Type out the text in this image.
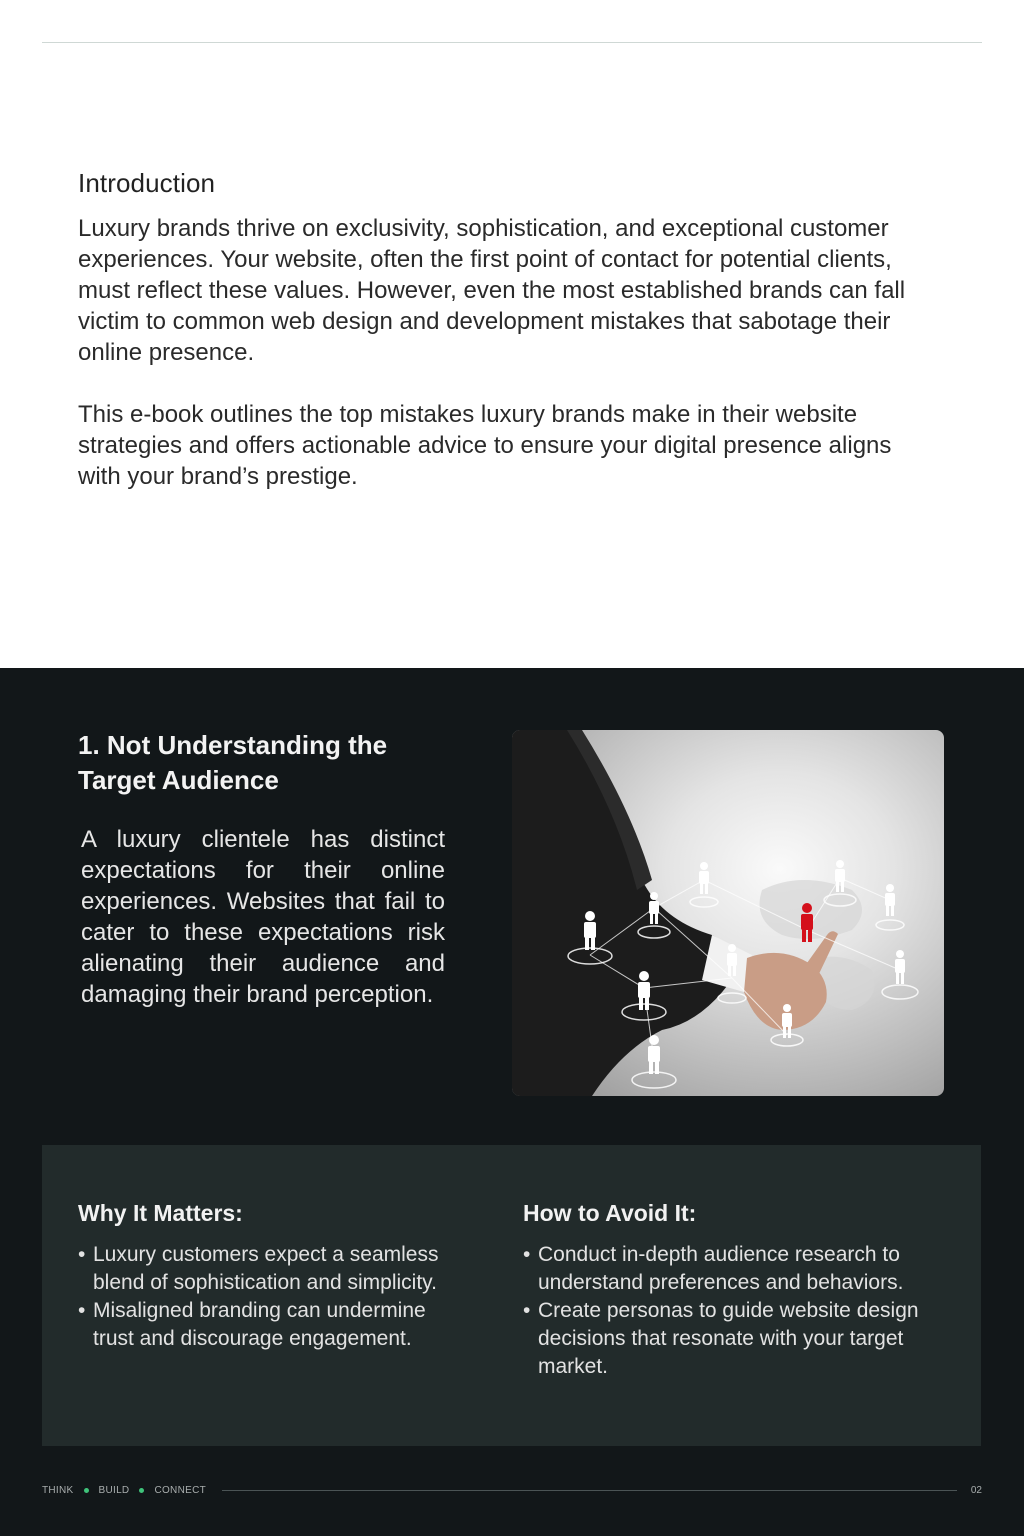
Introduction

Luxury brands thrive on exclusivity, sophistication, and exceptional customer experiences. Your website, often the first point of contact for potential clients, must reflect these values. However, even the most established brands can fall victim to common web design and development mistakes that sabotage their online presence.

This e-book outlines the top mistakes luxury brands make in their website strategies and offers actionable advice to ensure your digital presence aligns with your brand’s prestige.

1. Not Understanding the Target Audience

A luxury clientele has distinct expectations for their online experiences. Websites that fail to cater to these expectations risk alienating their audience and damaging their brand perception.

Why It Matters:
• Luxury customers expect a seamless blend of sophistication and simplicity.
• Misaligned branding can undermine trust and discourage engagement.
How to Avoid It:
• Conduct in-depth audience research to understand preferences and behaviors.
• Create personas to guide website design decisions that resonate with your target market.
THINK	BUILD	CONNECT	02
